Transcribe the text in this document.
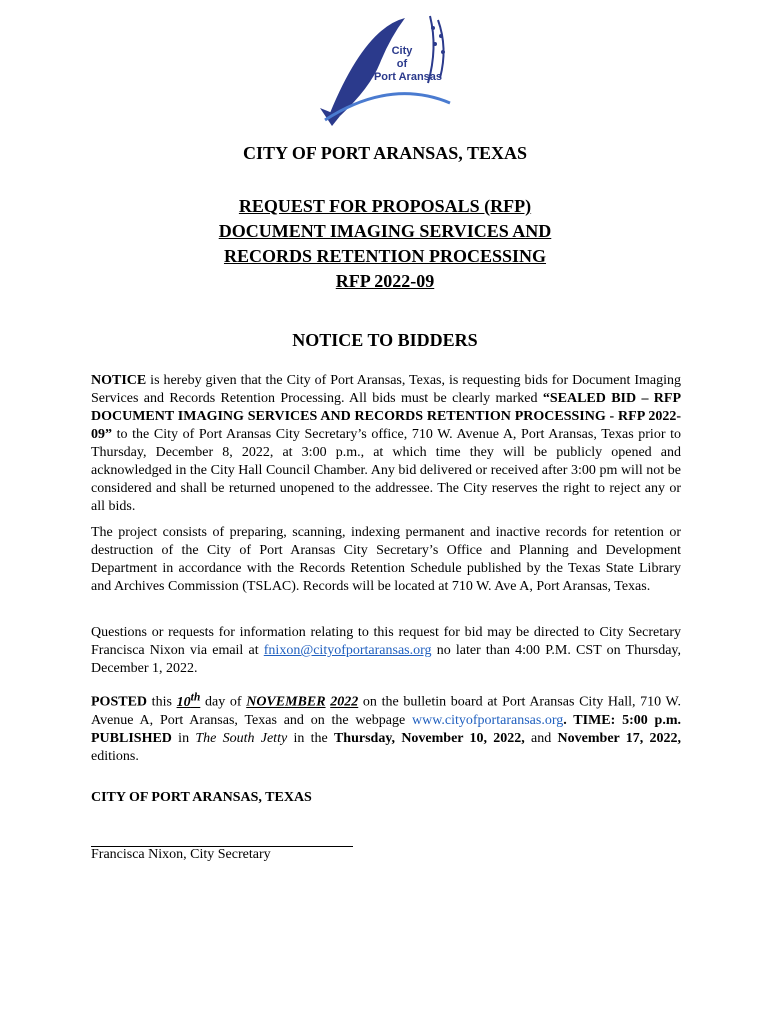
City
of
Port Aransas
CITY OF PORT ARANSAS, TEXAS
REQUEST FOR PROPOSALS (RFP)
DOCUMENT IMAGING SERVICES AND
RECORDS RETENTION PROCESSING
RFP 2022-09
NOTICE TO BIDDERS
NOTICE is hereby given that the City of Port Aransas, Texas, is requesting bids for Document Imaging Services and Records Retention Processing. All bids must be clearly marked “SEALED BID – RFP DOCUMENT IMAGING SERVICES AND RECORDS RETENTION PROCESSING - RFP 2022-09” to the City of Port Aransas City Secretary’s office, 710 W. Avenue A, Port Aransas, Texas prior to Thursday, December 8, 2022, at 3:00 p.m., at which time they will be publicly opened and acknowledged in the City Hall Council Chamber. Any bid delivered or received after 3:00 pm will not be considered and shall be returned unopened to the addressee. The City reserves the right to reject any or all bids.
The project consists of preparing, scanning, indexing permanent and inactive records for retention or destruction of the City of Port Aransas City Secretary’s Office and Planning and Development Department in accordance with the Records Retention Schedule published by the Texas State Library and Archives Commission (TSLAC). Records will be located at 710 W. Ave A, Port Aransas, Texas.
Questions or requests for information relating to this request for bid may be directed to City Secretary Francisca Nixon via email at fnixon@cityofportaransas.org no later than 4:00 P.M. CST on Thursday, December 1, 2022.
POSTED this 10th day of NOVEMBER 2022 on the bulletin board at Port Aransas City Hall, 710 W. Avenue A, Port Aransas, Texas and on the webpage www.cityofportaransas.org. TIME: 5:00 p.m. PUBLISHED in The South Jetty in the Thursday, November 10, 2022, and November 17, 2022, editions.
CITY OF PORT ARANSAS, TEXAS
Francisca Nixon, City Secretary
